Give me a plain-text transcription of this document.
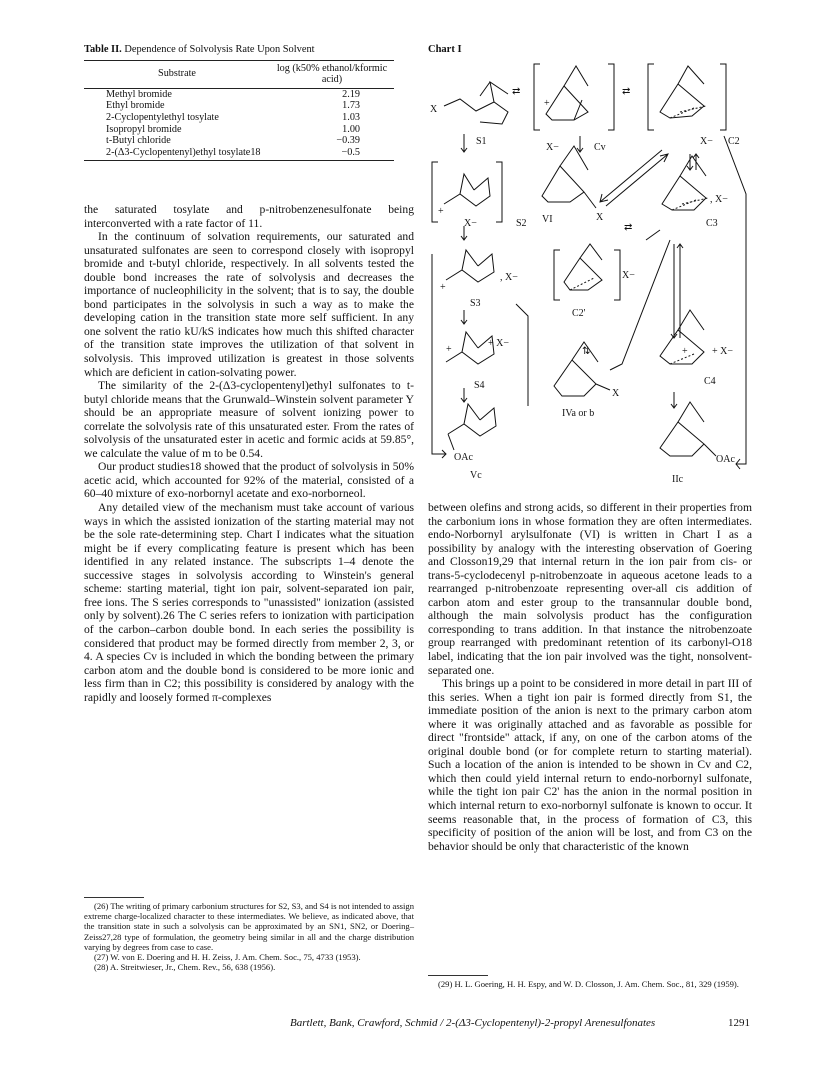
Table II. Dependence of Solvolysis Rate Upon Solvent
Substrate	log (k50% ethanol/kformic acid)
Methyl bromide	2.19
Ethyl bromide	1.73
2-Cyclopentylethyl tosylate	1.03
Isopropyl bromide	1.00
t-Butyl chloride	−0.39
2-(Δ3-Cyclopentenyl)ethyl tosylate18	−0.5
Chart I
X
S1
⇄
+
X−	Cv
⇄
X− C2
+
X−	S2 VI	X
⇄
, X−
C3
+
, X−
S3
X−
C2'
⇅
+
+ X−
S4
X
IVa or b
+ + X−
C4
OAc
Vc
OAc
IIc

the saturated tosylate and p-nitrobenzenesulfonate being interconverted with a rate factor of 11.

In the continuum of solvation requirements, our saturated and unsaturated sulfonates are seen to correspond closely with isopropyl bromide and t-butyl chloride, respectively. In all solvents tested the double bond increases the rate of solvolysis and decreases the importance of nucleophilicity in the solvent; that is to say, the double bond participates in the solvolysis in such a way as to make the developing cation in the transition state more self sufficient. In any one solvent the ratio kU/kS indicates how much this shifted character of the transition state improves the utilization of that solvent in solvolysis. This improved utilization is greatest in those solvents which are deficient in cation-solvating power.

The similarity of the 2-(Δ3-cyclopentenyl)ethyl sulfonates to t-butyl chloride means that the Grunwald–Winstein solvent parameter Y should be an appropriate measure of solvent ionizing power to correlate the solvolysis rate of this unsaturated ester. From the rates of solvolysis of the unsaturated ester in acetic and formic acids at 59.85°, we calculate the value of m to be 0.54.

Our product studies18 showed that the product of solvolysis in 50% acetic acid, which accounted for 92% of the material, consisted of a 60–40 mixture of exo-norbornyl acetate and exo-norborneol.

Any detailed view of the mechanism must take account of various ways in which the assisted ionization of the starting material may not be the sole rate-determining step. Chart I indicates what the situation might be if every complicating feature is present which has been identified in any related instance. The subscripts 1–4 denote the successive stages in solvolysis according to Winstein's general scheme: starting material, tight ion pair, solvent-separated ion pair, free ions. The S series corresponds to "unassisted" ionization (assisted only by solvent).26 The C series refers to ionization with participation of the carbon–carbon double bond. In each series the possibility is considered that product may be formed directly from member 2, 3, or 4. A species Cv is included in which the bonding between the primary carbon atom and the double bond is considered to be more ionic and less firm than in C2; this possibility is considered by analogy with the rapidly and loosely formed π-complexes

between olefins and strong acids, so different in their properties from the carbonium ions in whose formation they are often intermediates. endo-Norbornyl arylsulfonate (VI) is written in Chart I as a possibility by analogy with the interesting observation of Goering and Closson19,29 that internal return in the ion pair from cis- or trans-5-cyclodecenyl p-nitrobenzoate in aqueous acetone leads to a rearranged p-nitrobenzoate representing over-all cis addition of carbon atom and ester group to the transannular double bond, although the main solvolysis product has the configuration corresponding to trans addition. In that instance the nitrobenzoate group rearranged with predominant retention of its carbonyl-O18 label, indicating that the ion pair involved was the tight, nonsolvent-separated one.

This brings up a point to be considered in more detail in part III of this series. When a tight ion pair is formed directly from S1, the immediate position of the anion is next to the primary carbon atom where it was originally attached and as favorable as possible for direct "frontside" attack, if any, on one of the carbon atoms of the original double bond (or for complete return to starting material). Such a location of the anion is intended to be shown in Cv and C2, which then could yield internal return to endo-norbornyl sulfonate, while the tight ion pair C2' has the anion in the normal position in which internal return to exo-norbornyl sulfonate is known to occur. It seems reasonable that, in the process of formation of C3, this specificity of position of the anion will be lost, and from C3 on the behavior should be only that characteristic of the known

(26) The writing of primary carbonium structures for S2, S3, and S4 is not intended to assign extreme charge-localized character to these intermediates. We believe, as indicated above, that the transition state in such a solvolysis can be approximated by an SN1, SN2, or Doering–Zeiss27,28 type of formulation, the geometry being similar in all and the charge distribution varying by degrees from case to case.

(27) W. von E. Doering and H. H. Zeiss, J. Am. Chem. Soc., 75, 4733 (1953).

(28) A. Streitwieser, Jr., Chem. Rev., 56, 638 (1956).

(29) H. L. Goering, H. H. Espy, and W. D. Closson, J. Am. Chem. Soc., 81, 329 (1959).

Bartlett, Bank, Crawford, Schmid / 2-(Δ3-Cyclopentenyl)-2-propyl Arenesulfonates	1291
